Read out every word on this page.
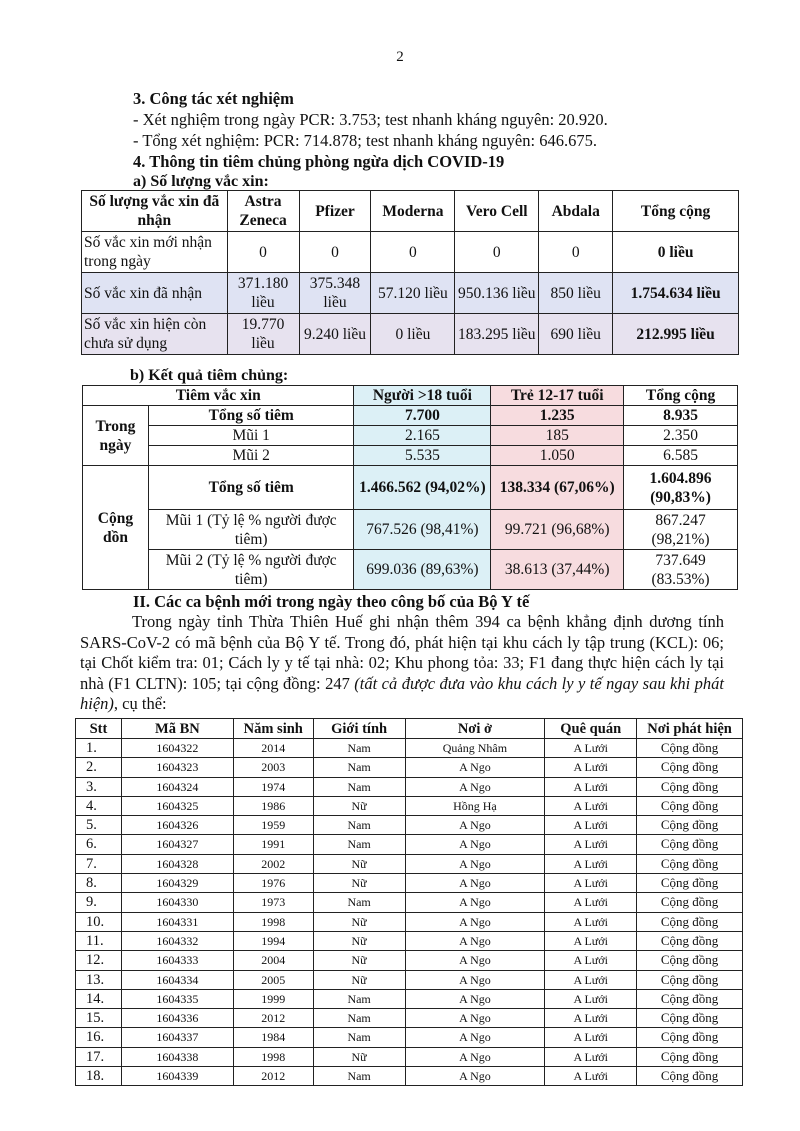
2
3. Công tác xét nghiệm
- Xét nghiệm trong ngày PCR: 3.753; test nhanh kháng nguyên: 20.920.
- Tổng xét nghiệm: PCR: 714.878; test nhanh kháng nguyên: 646.675.
4. Thông tin tiêm chủng phòng ngừa dịch COVID-19
a) Số lượng vắc xin:
Số lượng vắc xin đã nhận	Astra Zeneca	Pfizer	Moderna	Vero Cell	Abdala	Tổng cộng
Số vắc xin mới nhận trong ngày	0	0	0	0	0	0 liều
Số vắc xin đã nhận	371.180 liều	375.348 liều	57.120 liều	950.136 liều	850 liều	1.754.634 liều
Số vắc xin hiện còn chưa sử dụng	19.770 liều	9.240 liều	0 liều	183.295 liều	690 liều	212.995 liều
b) Kết quả tiêm chủng:
Tiêm vắc xin		Người >18 tuổi	Trẻ 12-17 tuổi	Tổng cộng
Trong ngày	Tổng số tiêm	7.700	1.235	8.935
	Mũi 1	2.165	185	2.350
	Mũi 2	5.535	1.050	6.585
Cộng dồn	Tổng số tiêm	1.466.562 (94,02%)	138.334 (67,06%)	1.604.896 (90,83%)
	Mũi 1 (Tỷ lệ % người được tiêm)	767.526 (98,41%)	99.721 (96,68%)	867.247 (98,21%)
	Mũi 2 (Tỷ lệ % người được tiêm)	699.036 (89,63%)	38.613 (37,44%)	737.649 (83.53%)
II. Các ca bệnh mới trong ngày theo công bố của Bộ Y tế
Trong ngày tỉnh Thừa Thiên Huế ghi nhận thêm 394 ca bệnh khẳng định dương tính SARS-CoV-2 có mã bệnh của Bộ Y tế. Trong đó, phát hiện tại khu cách ly tập trung (KCL): 06; tại Chốt kiểm tra: 01; Cách ly y tế tại nhà: 02; Khu phong tỏa: 33; F1 đang thực hiện cách ly tại nhà (F1 CLTN): 105; tại cộng đồng: 247 (tất cả được đưa vào khu cách ly y tế ngay sau khi phát hiện), cụ thể:
Stt	Mã BN	Năm sinh	Giới tính	Nơi ở	Quê quán	Nơi phát hiện
1.	1604322	2014	Nam	Quảng Nhâm	A Lưới	Cộng đồng
2.	1604323	2003	Nam	A Ngo	A Lưới	Cộng đồng
3.	1604324	1974	Nam	A Ngo	A Lưới	Cộng đồng
4.	1604325	1986	Nữ	Hồng Hạ	A Lưới	Cộng đồng
5.	1604326	1959	Nam	A Ngo	A Lưới	Cộng đồng
6.	1604327	1991	Nam	A Ngo	A Lưới	Cộng đồng
7.	1604328	2002	Nữ	A Ngo	A Lưới	Cộng đồng
8.	1604329	1976	Nữ	A Ngo	A Lưới	Cộng đồng
9.	1604330	1973	Nam	A Ngo	A Lưới	Cộng đồng
10.	1604331	1998	Nữ	A Ngo	A Lưới	Cộng đồng
11.	1604332	1994	Nữ	A Ngo	A Lưới	Cộng đồng
12.	1604333	2004	Nữ	A Ngo	A Lưới	Cộng đồng
13.	1604334	2005	Nữ	A Ngo	A Lưới	Cộng đồng
14.	1604335	1999	Nam	A Ngo	A Lưới	Cộng đồng
15.	1604336	2012	Nam	A Ngo	A Lưới	Cộng đồng
16.	1604337	1984	Nam	A Ngo	A Lưới	Cộng đồng
17.	1604338	1998	Nữ	A Ngo	A Lưới	Cộng đồng
18.	1604339	2012	Nam	A Ngo	A Lưới	Cộng đồng
